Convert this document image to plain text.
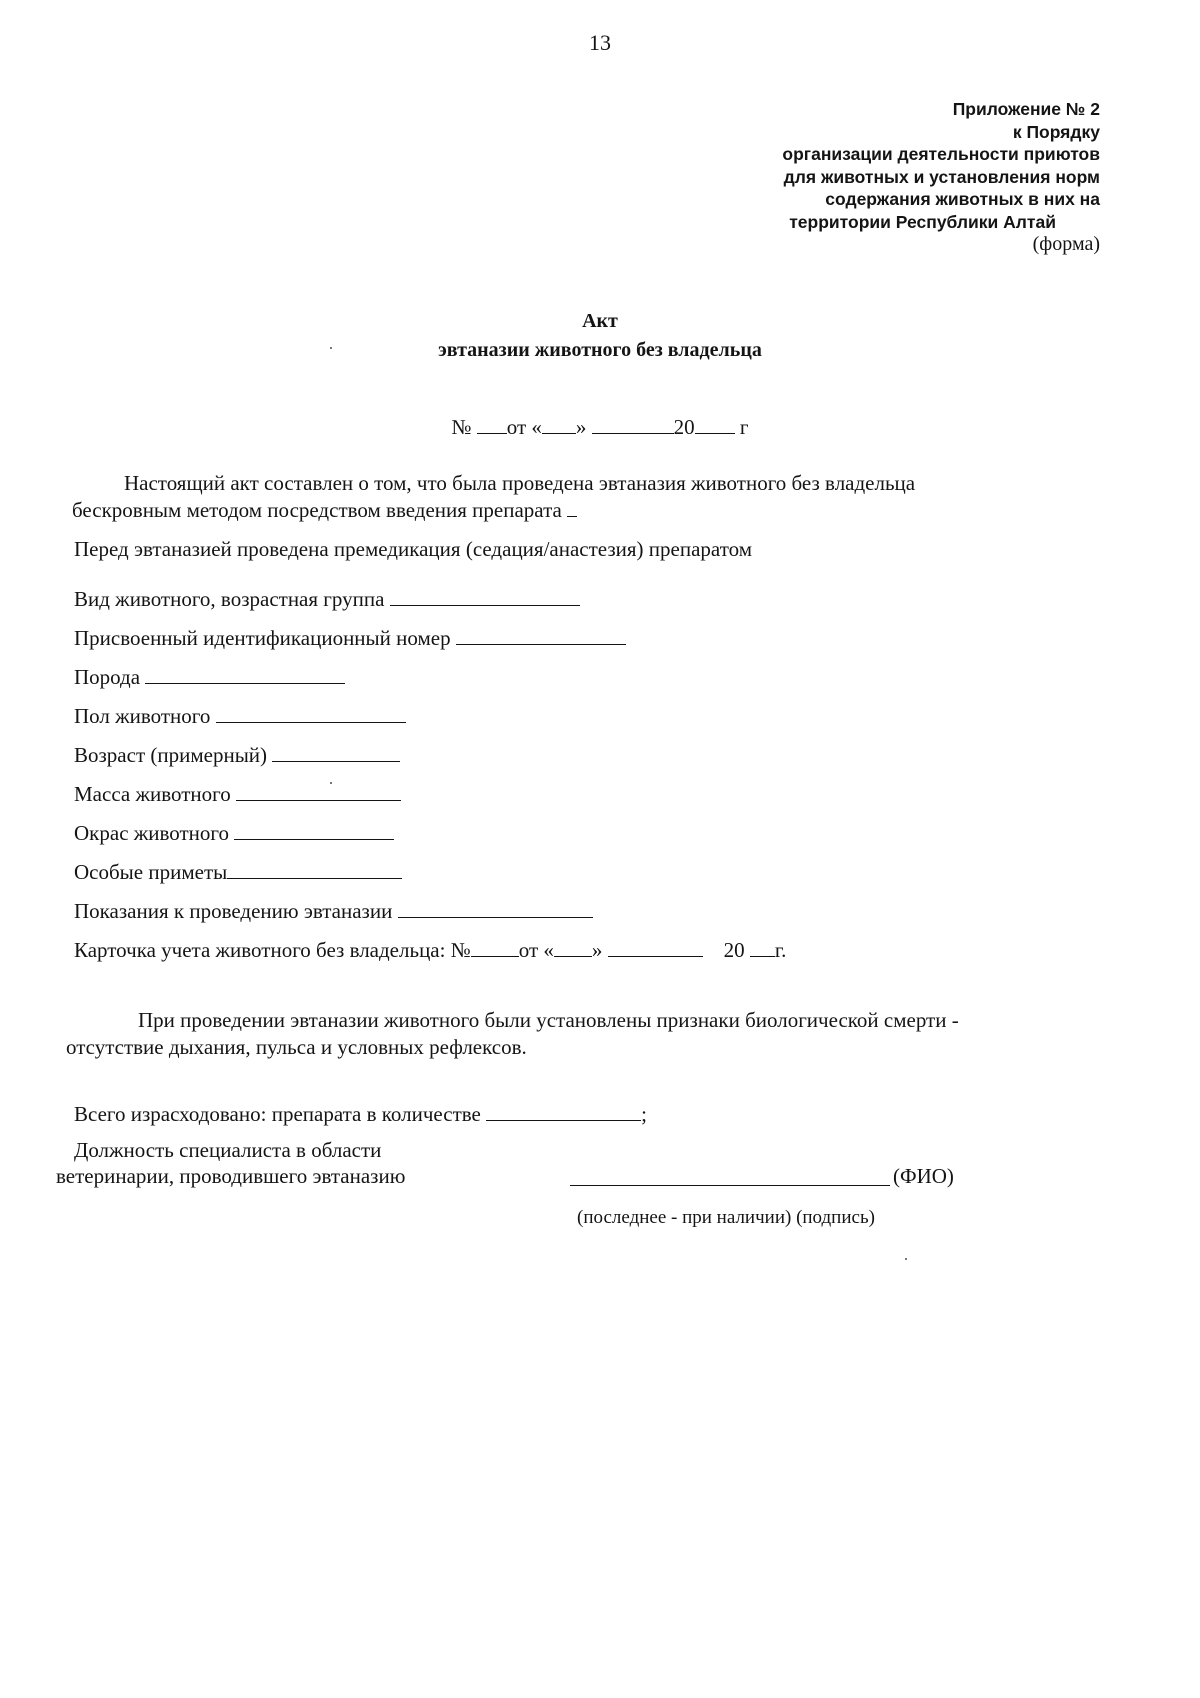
13
Приложение № 2
к Порядку
организации деятельности приютов
для животных и установления норм
содержания животных в них на
территории Республики Алтай
(форма)
Акт
эвтаназии животного без владельца
№ от « »	20 г
Настоящий акт составлен о том, что была проведена эвтаназия животного без владельца
бескровным методом посредством введения препарата
Перед эвтаназией проведена премедикация (седация/анастезия) препаратом
Вид животного, возрастная группа
Присвоенный идентификационный номер
Порода
Пол животного
Возраст (примерный)
Масса животного
Окрас животного
Особые приметы
Показания к проведению эвтаназии
Карточка учета животного без владельца: № от « »	20 г.
При проведении эвтаназии животного были установлены признаки биологической смерти -
отсутствие дыхания, пульса и условных рефлексов.
Всего израсходовано: препарата в количестве	;
Должность специалиста в области
ветеринарии, проводившего эвтаназию	(ФИО)
(последнее - при наличии) (подпись)
